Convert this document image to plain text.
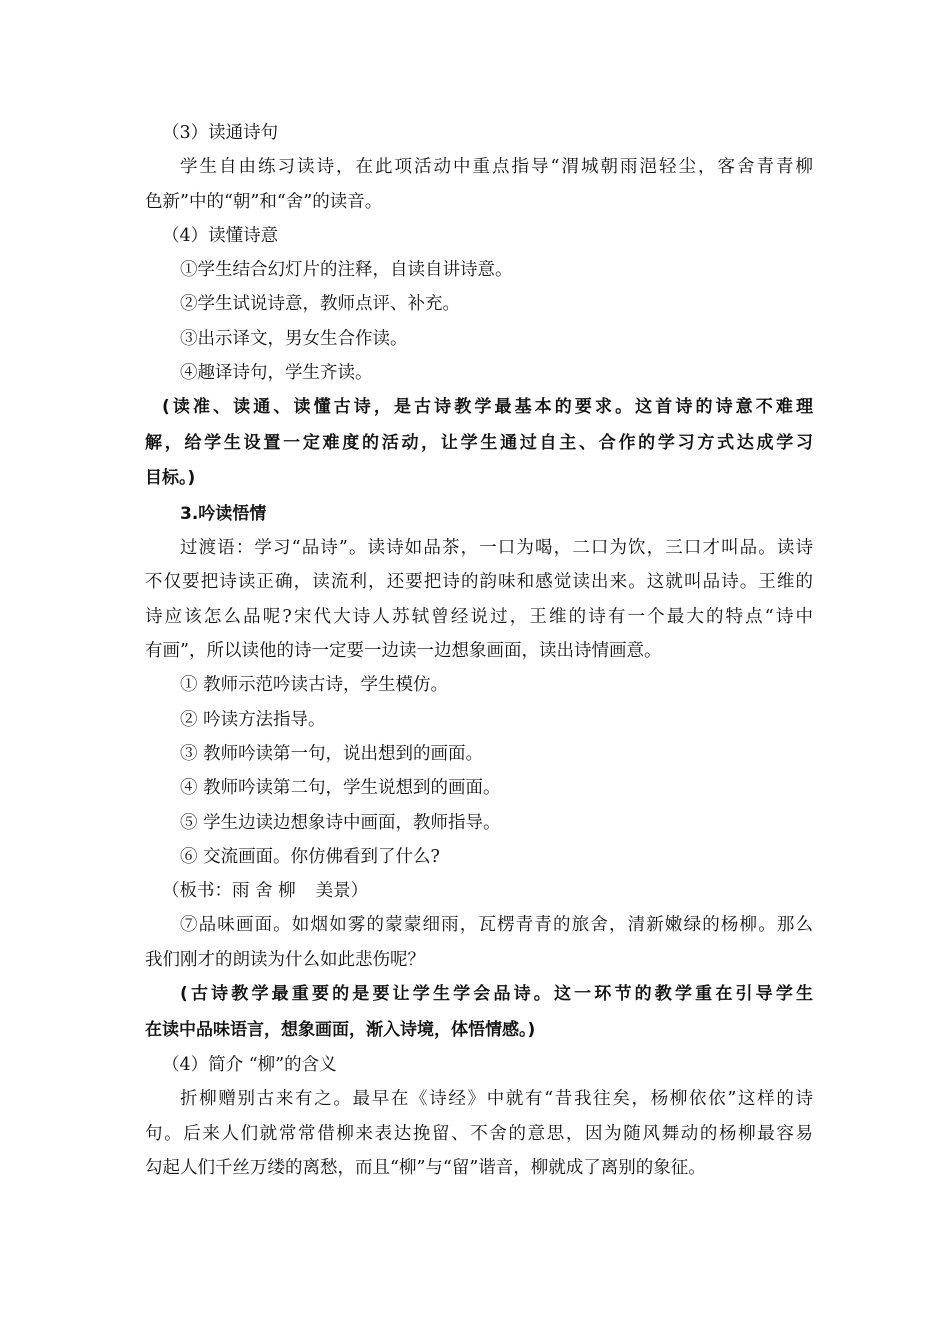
（3）读通诗句
学生自由练习读诗，在此项活动中重点指导“渭城朝雨浥轻尘，客舍青青柳
色新”中的“朝”和“舍”的读音。
（4）读懂诗意
①学生结合幻灯片的注释，自读自讲诗意。
②学生试说诗意，教师点评、补充。
③出示译文，男女生合作读。
④趣译诗句，学生齐读。
(读准、读通、读懂古诗，是古诗教学最基本的要求。这首诗的诗意不难理
解，给学生设置一定难度的活动，让学生通过自主、合作的学习方式达成学习
目标。)
3.吟读悟情
过渡语：学习“品诗”。读诗如品茶，一口为喝，二口为饮，三口才叫品。读诗
不仅要把诗读正确，读流利，还要把诗的韵味和感觉读出来。这就叫品诗。王维的
诗应该怎么品呢?宋代大诗人苏轼曾经说过，王维的诗有一个最大的特点“诗中
有画”，所以读他的诗一定要一边读一边想象画面，读出诗情画意。
① 教师示范吟读古诗，学生模仿。
② 吟读方法指导。
③ 教师吟读第一句，说出想到的画面。
④ 教师吟读第二句，学生说想到的画面。
⑤ 学生边读边想象诗中画面，教师指导。
⑥ 交流画面。你仿佛看到了什么?
（板书：雨 舍 柳 美景）
⑦品味画面。如烟如雾的蒙蒙细雨，瓦楞青青的旅舍，清新嫩绿的杨柳。那么
我们刚才的朗读为什么如此悲伤呢？
(古诗教学最重要的是要让学生学会品诗。这一环节的教学重在引导学生
在读中品味语言，想象画面，渐入诗境，体悟情感。)
（4）简介 “柳”的含义
折柳赠别古来有之。最早在《诗经》中就有“昔我往矣，杨柳依依”这样的诗
句。后来人们就常常借柳来表达挽留、不舍的意思，因为随风舞动的杨柳最容易
勾起人们千丝万缕的离愁，而且“柳”与“留”谐音，柳就成了离别的象征。
